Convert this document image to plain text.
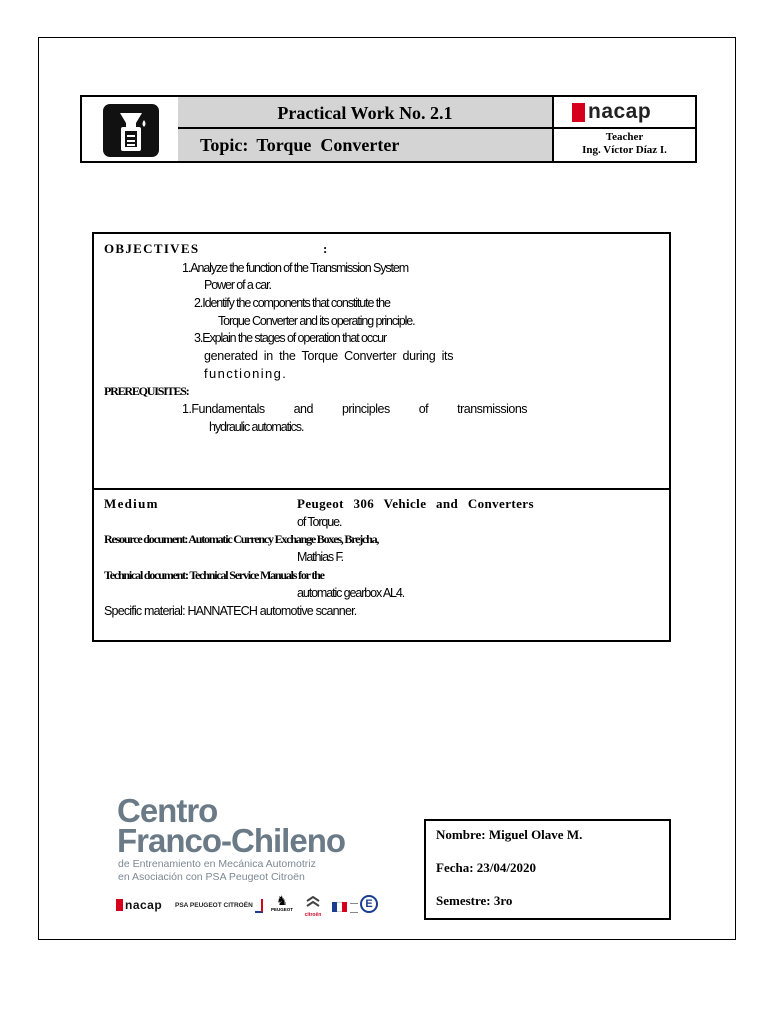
Practical Work No. 2.1
Topic: Torque  Converter
nacap
Teacher
Ing. Víctor Díaz I.
OBJECTIVES	:
1.Analyze the function of the Transmission System
Power of a car.
2.Identify the components that constitute the
Torque Converter and its operating principle.
3.Explain the stages of operation that occur
generated in the Torque Converter during its
functioning.
PREREQUISITES:
1.Fundamentals and principles of transmissions
hydraulic automatics.
Medium	Peugeot 306 Vehicle and Converters
of Torque.
Resource document: Automatic Currency Exchange Boxes, Brejcha,
Mathias F.
Technical document: Technical Service Manuals for the
automatic gearbox AL4.
Specific material: HANNATECH automotive scanner.
Centro
Franco-Chileno
de Entrenamiento en Mecánica Automotriz
en Asociación con PSA Peugeot Citroën
nacap PSA PEUGEOT CITROËN	♞
PEUGEOT
citroën
E
Nombre: Miguel Olave M.
Fecha: 23/04/2020
Semestre: 3ro
